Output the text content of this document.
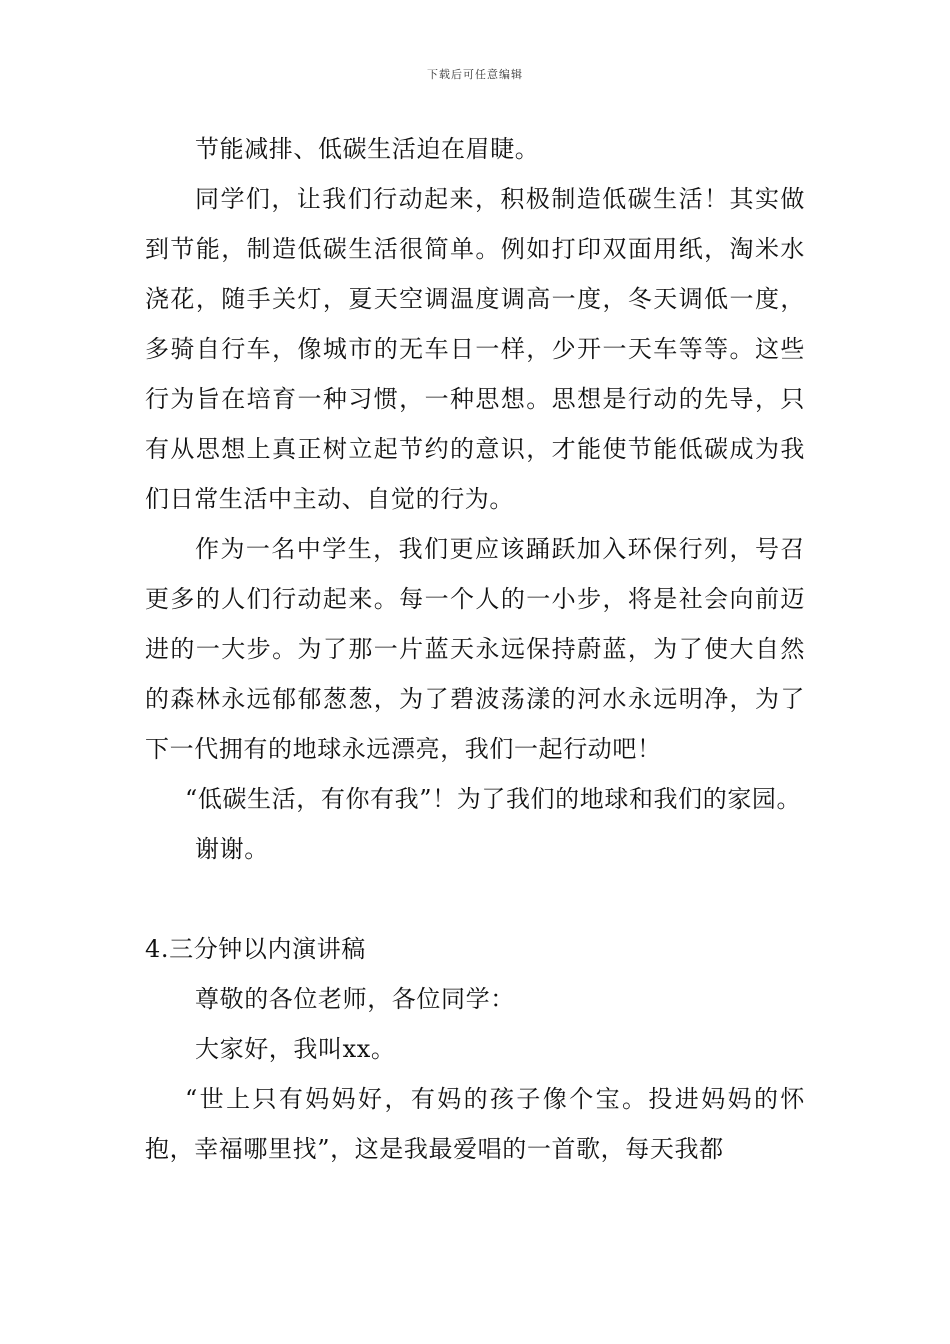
下载后可任意编辑

节能减排、低碳生活迫在眉睫。

同学们，让我们行动起来，积极制造低碳生活！其实做到节能，制造低碳生活很简单。例如打印双面用纸，淘米水浇花，随手关灯，夏天空调温度调高一度，冬天调低一度，多骑自行车，像城市的无车日一样，少开一天车等等。这些行为旨在培育一种习惯，一种思想。思想是行动的先导，只有从思想上真正树立起节约的意识，才能使节能低碳成为我们日常生活中主动、自觉的行为。

作为一名中学生，我们更应该踊跃加入环保行列，号召更多的人们行动起来。每一个人的一小步，将是社会向前迈进的一大步。为了那一片蓝天永远保持蔚蓝，为了使大自然的森林永远郁郁葱葱，为了碧波荡漾的河水永远明净，为了下一代拥有的地球永远漂亮，我们一起行动吧！

“低碳生活，有你有我”！为了我们的地球和我们的家园。

谢谢。

4.三分钟以内演讲稿

尊敬的各位老师，各位同学：

大家好，我叫xx。

“世上只有妈妈好，有妈的孩子像个宝。投进妈妈的怀抱，幸福哪里找”，这是我最爱唱的一首歌，每天我都
